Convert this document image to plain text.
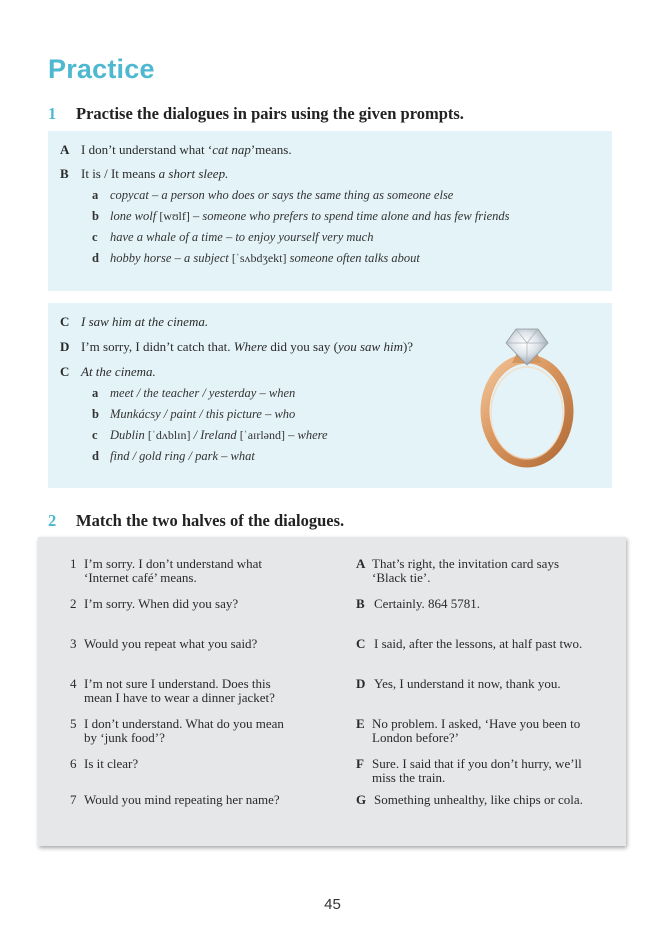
Practice
1 Practise the dialogues in pairs using the given prompts.
A I don’t understand what ‘cat nap’means.
B It is / It means a short sleep.
a copycat – a person who does or says the same thing as someone else
b lone wolf [wʊlf] – someone who prefers to spend time alone and has few friends
c have a whale of a time – to enjoy yourself very much
d hobby horse – a subject [ˈsʌbdʒekt] someone often talks about
C I saw him at the cinema.
D I’m sorry, I didn’t catch that. Where did you say (you saw him)?
C At the cinema.
a meet / the teacher / yesterday – when
b Munkácsy / paint / this picture – who
c Dublin [ˈdʌblɪn] / Ireland [ˈaɪrlənd] – where
d find / gold ring / park – what
2 Match the two halves of the dialogues.
1 I’m sorry. I don’t understand what
‘Internet café’ means.
2 I’m sorry. When did you say?
3 Would you repeat what you said?
4 I’m not sure I understand. Does this
mean I have to wear a dinner jacket?
5 I don’t understand. What do you mean
by ‘junk food’?
6 Is it clear?
7 Would you mind repeating her name?
A That’s right, the invitation card says
‘Black tie’.
B Certainly. 864 5781.
C I said, after the lessons, at half past two.
D Yes, I understand it now, thank you.
E No problem. I asked, ‘Have you been to
London before?’
F Sure. I said that if you don’t hurry, we’ll
miss the train.
G Something unhealthy, like chips or cola.
45
